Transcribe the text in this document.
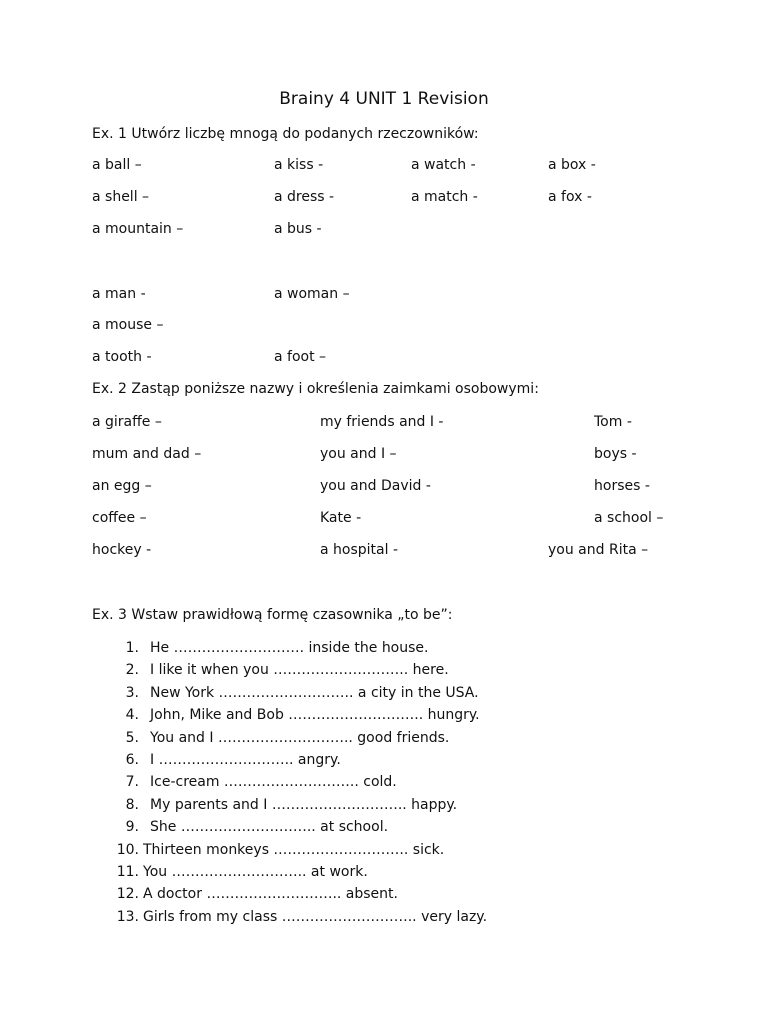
Brainy 4 UNIT 1 Revision
Ex. 1 Utwórz liczbę mnogą do podanych rzeczowników:
a ball –	a kiss -	a watch -	a box -
a shell –	a dress -	a match -	a fox -
a mountain –	a bus -
a man -	a woman –
a mouse –
a tooth -	a foot –
Ex. 2 Zastąp poniższe nazwy i określenia zaimkami osobowymi:
a giraffe –	my friends and I -	Tom -
mum and dad –	you and I –	boys -
an egg –	you and David -	horses -
coffee –	Kate -	a school –
hockey -	a hospital -	you and Rita –
Ex. 3 Wstaw prawidłową formę czasownika „to be”:
1. He ………………………. inside the house.
2. I like it when you ……………………….. here.
3. New York ……………………….. a city in the USA.
4. John, Mike and Bob ……………………….. hungry.
5. You and I ……………………….. good friends.
6. I ……………………….. angry.
7. Ice-cream ……………………….. cold.
8. My parents and I ……………………….. happy.
9. She ……………………….. at school.
10. Thirteen monkeys ……………………….. sick.
11. You ……………………….. at work.
12. A doctor ……………………….. absent.
13. Girls from my class ……………………….. very lazy.
